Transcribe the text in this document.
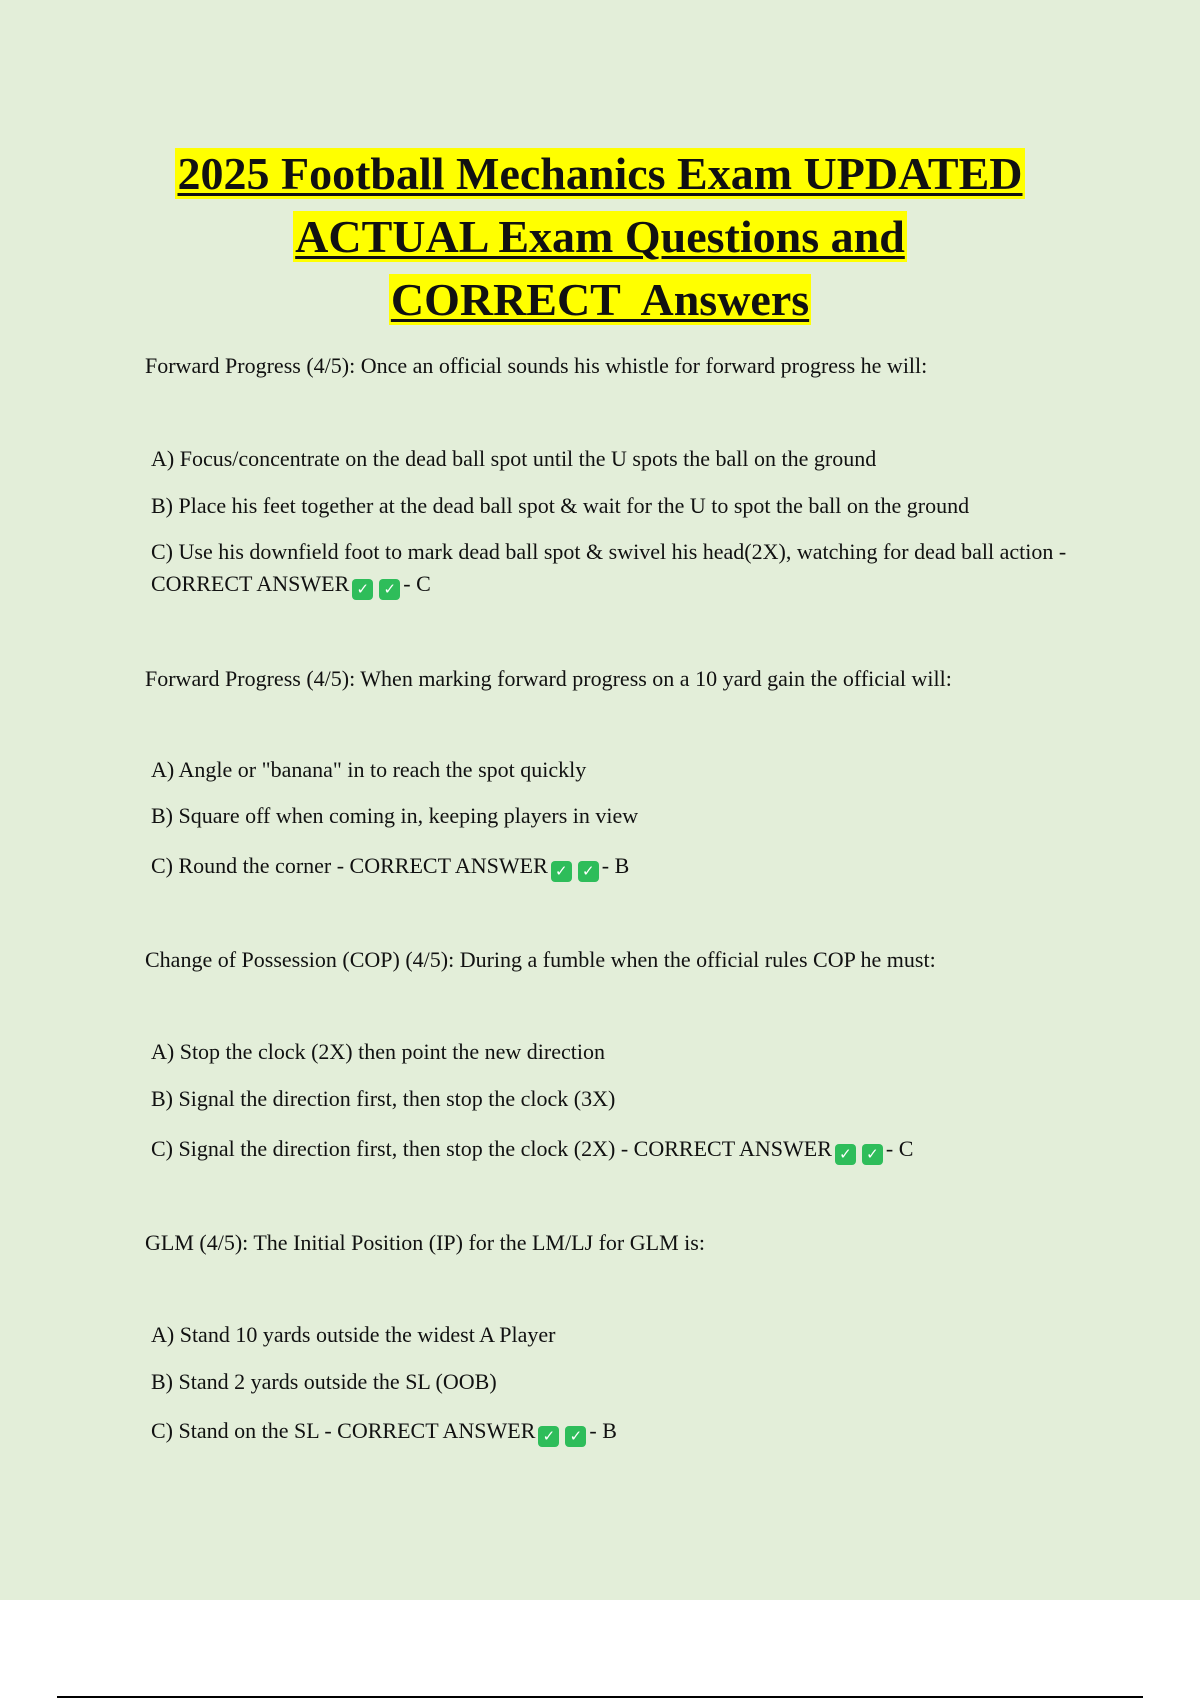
2025 Football Mechanics Exam UPDATED
ACTUAL Exam Questions and
CORRECT  Answers

Forward Progress (4/5): Once an official sounds his whistle for forward progress he will:

A) Focus/concentrate on the dead ball spot until the U spots the ball on the ground

B) Place his feet together at the dead ball spot & wait for the U to spot the ball on the ground

C) Use his downfield foot to mark dead ball spot & swivel his head(2X), watching for dead ball action - CORRECT ANSWER ✓ ✓ - C

Forward Progress (4/5): When marking forward progress on a 10 yard gain the official will:

A) Angle or "banana" in to reach the spot quickly

B) Square off when coming in, keeping players in view

C) Round the corner - CORRECT ANSWER ✓ ✓ - B

Change of Possession (COP) (4/5): During a fumble when the official rules COP he must:

A) Stop the clock (2X) then point the new direction

B) Signal the direction first, then stop the clock (3X)

C) Signal the direction first, then stop the clock (2X) - CORRECT ANSWER ✓ ✓ - C

GLM (4/5): The Initial Position (IP) for the LM/LJ for GLM is:

A) Stand 10 yards outside the widest A Player

B) Stand 2 yards outside the SL (OOB)

C) Stand on the SL - CORRECT ANSWER ✓ ✓ - B
